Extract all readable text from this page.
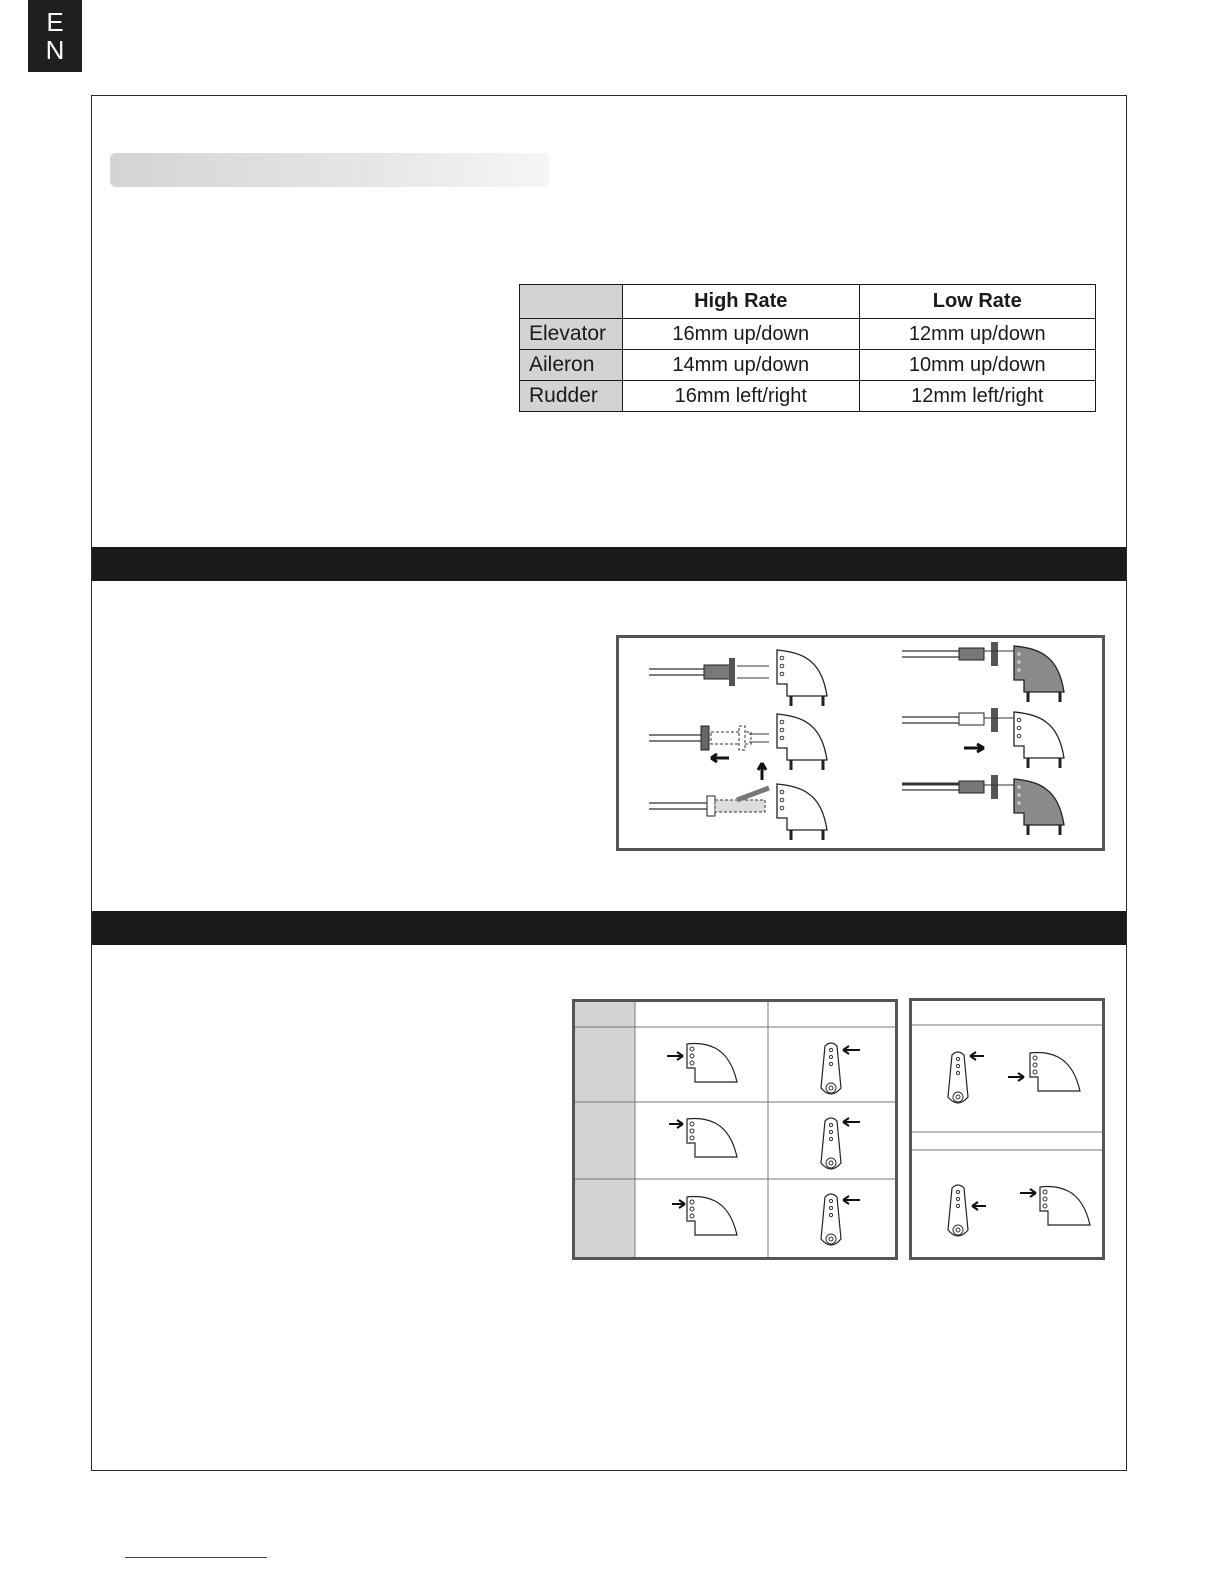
E
N
	High Rate	Low Rate
Elevator	16mm up/down	12mm up/down
Aileron	14mm up/down	10mm up/down
Rudder	16mm left/right	12mm left/right
